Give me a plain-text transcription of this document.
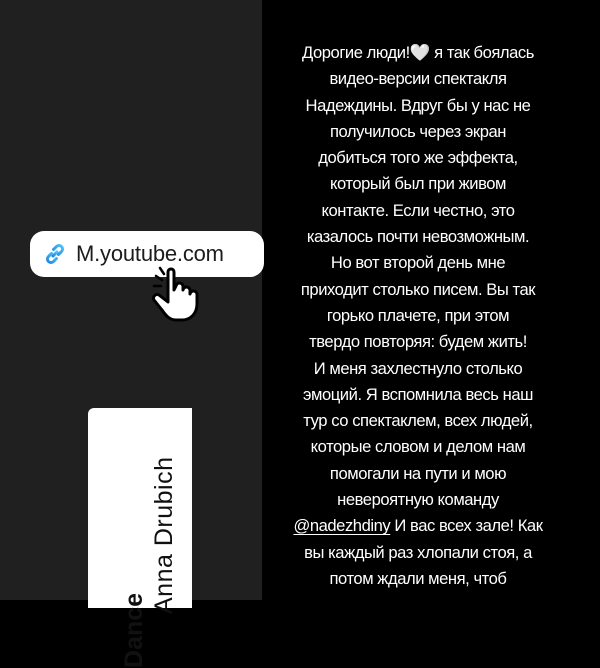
M.youtube.com
Dance
Anna Drubich
Дорогие люди!🤍 я так боялась
видео-версии спектакля
Надеждины. Вдруг бы у нас не
получилось через экран
добиться того же эффекта,
который был при живом
контакте. Если честно, это
казалось почти невозможным.
Но вот второй день мне
приходит столько писем. Вы так
горько плачете, при этом
твердо повторяя: будем жить!
И меня захлестнуло столько
эмоций. Я вспомнила весь наш
тур со спектаклем, всех людей,
которые словом и делом нам
помогали на пути и мою
невероятную команду
@nadezhdiny И вас всех зале! Как
вы каждый раз хлопали стоя, а
потом ждали меня, чтоб
